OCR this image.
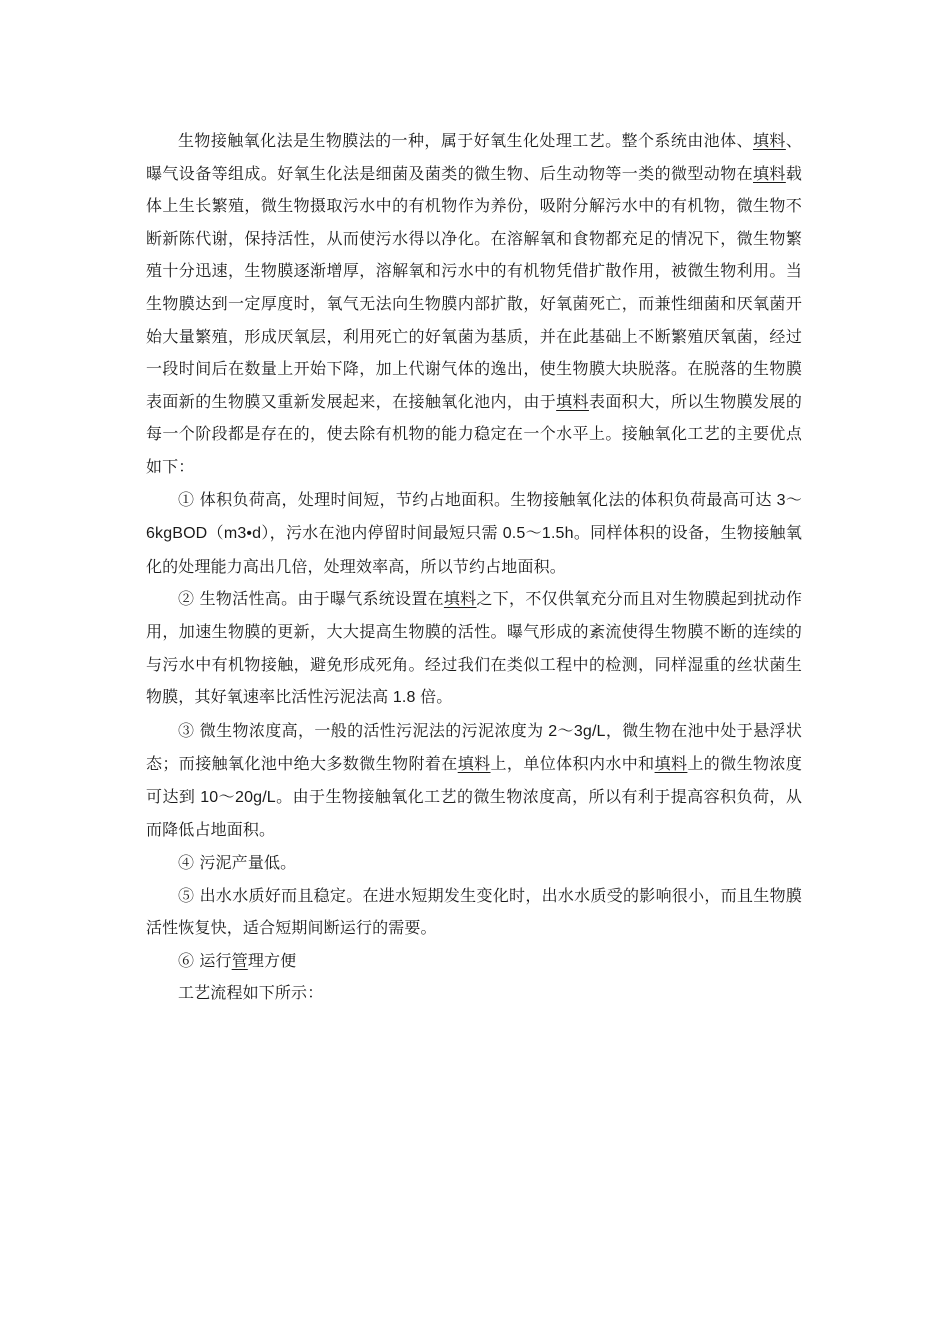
生物接触氧化法是生物膜法的一种，属于好氧生化处理工艺。整个系统由池体、填料、曝气设备等组成。好氧生化法是细菌及菌类的微生物、后生动物等一类的微型动物在填料载体上生长繁殖，微生物摄取污水中的有机物作为养份，吸附分解污水中的有机物，微生物不断新陈代谢，保持活性，从而使污水得以净化。在溶解氧和食物都充足的情况下，微生物繁殖十分迅速，生物膜逐渐增厚，溶解氧和污水中的有机物凭借扩散作用，被微生物利用。当生物膜达到一定厚度时，氧气无法向生物膜内部扩散，好氧菌死亡，而兼性细菌和厌氧菌开始大量繁殖，形成厌氧层，利用死亡的好氧菌为基质，并在此基础上不断繁殖厌氧菌，经过一段时间后在数量上开始下降，加上代谢气体的逸出，使生物膜大块脱落。在脱落的生物膜表面新的生物膜又重新发展起来，在接触氧化池内，由于填料表面积大，所以生物膜发展的每一个阶段都是存在的，使去除有机物的能力稳定在一个水平上。接触氧化工艺的主要优点如下：

① 体积负荷高，处理时间短，节约占地面积。生物接触氧化法的体积负荷最高可达 3～6kgBOD（m3•d），污水在池内停留时间最短只需 0.5～1.5h。同样体积的设备，生物接触氧化的处理能力高出几倍，处理效率高，所以节约占地面积。

② 生物活性高。由于曝气系统设置在填料之下，不仅供氧充分而且对生物膜起到扰动作用，加速生物膜的更新，大大提高生物膜的活性。曝气形成的紊流使得生物膜不断的连续的与污水中有机物接触，避免形成死角。经过我们在类似工程中的检测，同样湿重的丝状菌生物膜，其好氧速率比活性污泥法高 1.8 倍。

③ 微生物浓度高，一般的活性污泥法的污泥浓度为 2～3g/L，微生物在池中处于悬浮状态；而接触氧化池中绝大多数微生物附着在填料上，单位体积内水中和填料上的微生物浓度可达到 10～20g/L。由于生物接触氧化工艺的微生物浓度高，所以有利于提高容积负荷，从而降低占地面积。

④ 污泥产量低。

⑤ 出水水质好而且稳定。在进水短期发生变化时，出水水质受的影响很小，而且生物膜活性恢复快，适合短期间断运行的需要。

⑥ 运行管理方便

工艺流程如下所示：
